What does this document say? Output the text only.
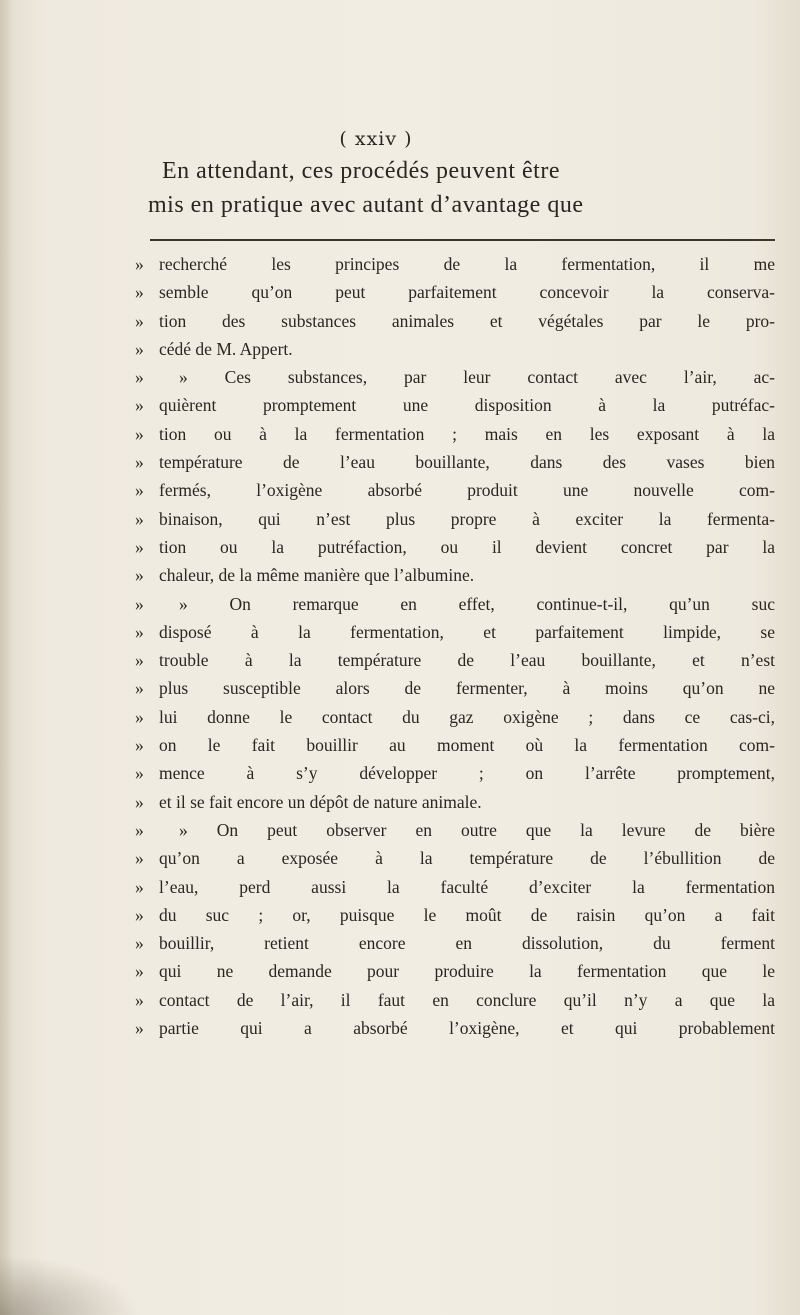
( xxiv )
En attendant, ces procédés peuvent être
mis en pratique avec autant d’avantage que
» recherché les principes de la fermentation, il me
» semble qu’on peut parfaitement concevoir la conserva-
» tion des substances animales et végétales par le pro-
» cédé de M. Appert.
»	» Ces substances, par leur contact avec l’air, ac-
» quièrent promptement une disposition à la putréfac-
» tion ou à la fermentation ; mais en les exposant à la
» température de l’eau bouillante, dans des vases bien
» fermés, l’oxigène absorbé produit une nouvelle com-
» binaison, qui n’est plus propre à exciter la fermenta-
» tion ou la putréfaction, ou il devient concret par la
» chaleur, de la même manière que l’albumine.
»	» On remarque en effet, continue-t-il, qu’un suc
» disposé à la fermentation, et parfaitement limpide, se
» trouble à la température de l’eau bouillante, et n’est
» plus susceptible alors de fermenter, à moins qu’on ne
» lui donne le contact du gaz oxigène ; dans ce cas-ci,
» on le fait bouillir au moment où la fermentation com-
» mence à s’y développer ; on l’arrête promptement,
» et il se fait encore un dépôt de nature animale.
»	» On peut observer en outre que la levure de bière
» qu’on a exposée à la température de l’ébullition de
» l’eau, perd aussi la faculté d’exciter la fermentation
» du suc ; or, puisque le moût de raisin qu’on a fait
» bouillir, retient encore en dissolution, du ferment
» qui ne demande pour produire la fermentation que le
» contact de l’air, il faut en conclure qu’il n’y a que la
» partie qui a absorbé l’oxigène, et qui probablement
